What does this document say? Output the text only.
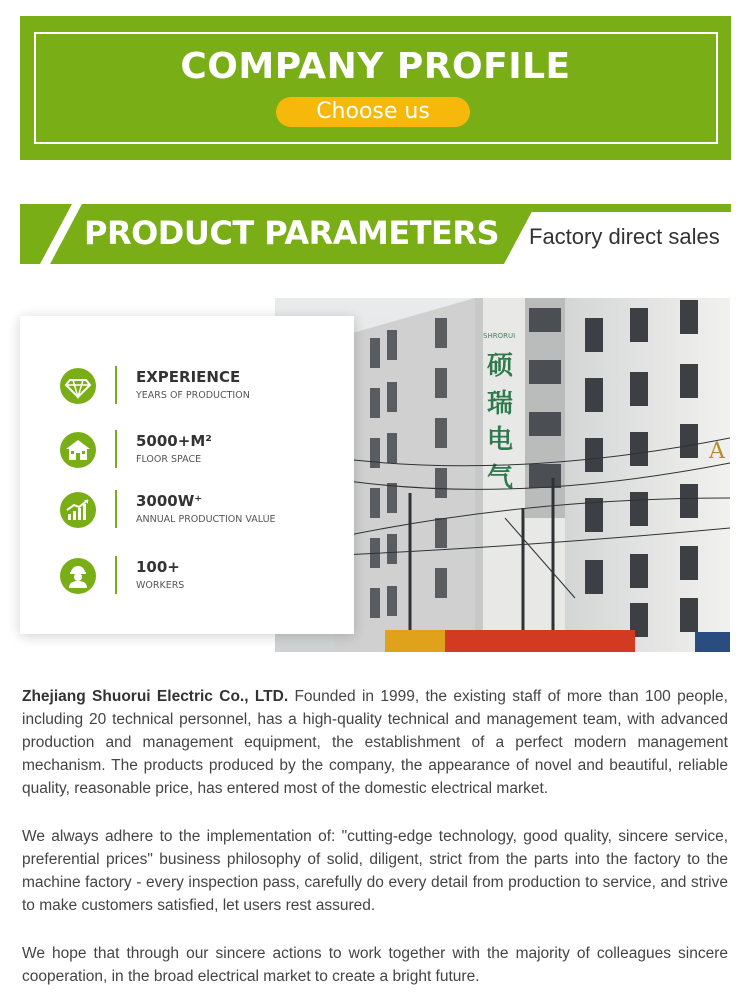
COMPANY PROFILE
Choose us
PRODUCT PARAMETERS Factory direct sales
SHRORUI
硕
瑞
电
气
A
EXPERIENCE
YEARS OF PRODUCTION
5000+M²
FLOOR SPACE
3000W⁺
ANNUAL PRODUCTION VALUE
100+
WORKERS
Zhejiang Shuorui Electric Co., LTD. Founded in 1999, the existing staff of more than 100 people, including 20 technical personnel, has a high-quality technical and management team, with advanced production and management equipment, the establishment of a perfect modern management mechanism. The products produced by the company, the appearance of novel and beautiful, reliable quality, reasonable price, has entered most of the domestic electrical market.
We always adhere to the implementation of: "cutting-edge technology, good quality, sincere service, preferential prices" business philosophy of solid, diligent, strict from the parts into the factory to the machine factory - every inspection pass, carefully do every detail from production to service, and strive to make customers satisfied, let users rest assured.
We hope that through our sincere actions to work together with the majority of colleagues sincere cooperation, in the broad electrical market to create a bright future.
